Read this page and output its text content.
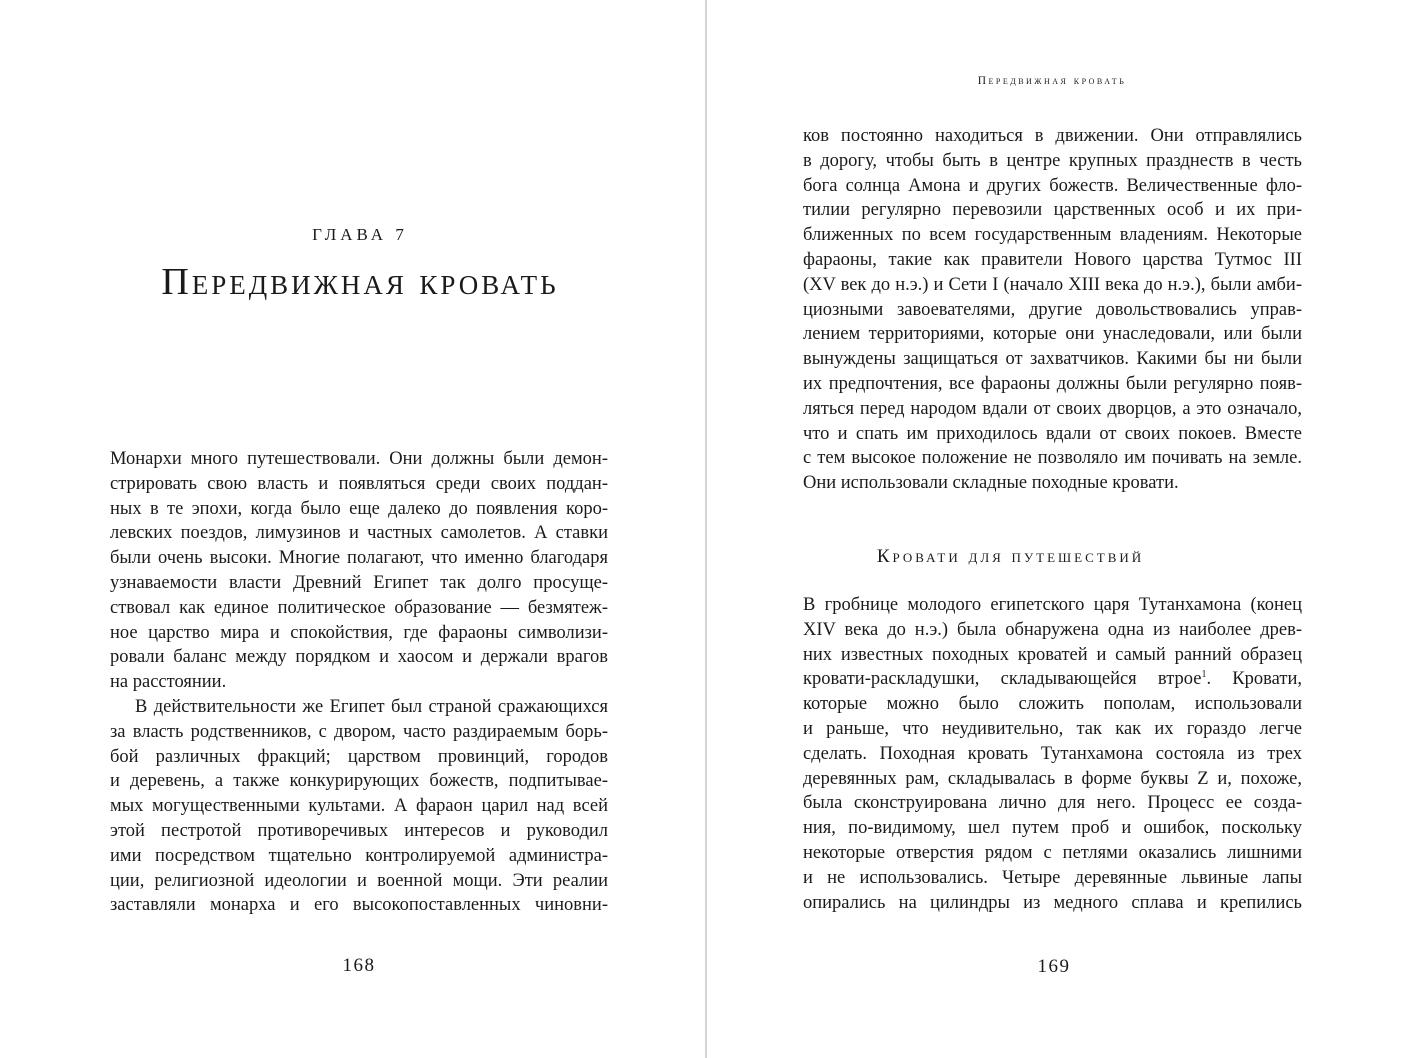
ГЛАВА 7
Передвижная кровать
Монархи много путешествовали. Они должны были демон-
стрировать свою власть и появляться среди своих поддан-
ных в те эпохи, когда было еще далеко до появления коро-
левских поездов, лимузинов и частных самолетов. А ставки
были очень высоки. Многие полагают, что именно благодаря
узнаваемости власти Древний Египет так долго просуще-
ствовал как единое политическое образование — безмятеж-
ное царство мира и спокойствия, где фараоны символизи-
ровали баланс между порядком и хаосом и держали врагов
на расстоянии.
В действительности же Египет был страной сражающихся
за власть родственников, с двором, часто раздираемым борь-
бой различных фракций; царством провинций, городов
и деревень, а также конкурирующих божеств, подпитывае-
мых могущественными культами. А фараон царил над всей
этой пестротой противоречивых интересов и руководил
ими посредством тщательно контролируемой администра-
ции, религиозной идеологии и военной мощи. Эти реалии
заставляли монарха и его высокопоставленных чиновни-
168
Передвижная кровать
ков постоянно находиться в движении. Они отправлялись
в дорогу, чтобы быть в центре крупных празднеств в честь
бога солнца Амона и других божеств. Величественные фло-
тилии регулярно перевозили царственных особ и их при-
ближенных по всем государственным владениям. Некоторые
фараоны, такие как правители Нового царства Тутмос III
(XV век до н.э.) и Сети I (начало XIII века до н.э.), были амби-
циозными завоевателями, другие довольствовались управ-
лением территориями, которые они унаследовали, или были
вынуждены защищаться от захватчиков. Какими бы ни были
их предпочтения, все фараоны должны были регулярно появ-
ляться перед народом вдали от своих дворцов, а это означало,
что и спать им приходилось вдали от своих покоев. Вместе
с тем высокое положение не позволяло им почивать на земле.
Они использовали складные походные кровати.
Кровати для путешествий
В гробнице молодого египетского царя Тутанхамона (конец
XIV века до н.э.) была обнаружена одна из наиболее древ-
них известных походных кроватей и самый ранний образец
кровати-раскладушки, складывающейся втрое$^1$. Кровати,
которые можно было сложить пополам, использовали
и раньше, что неудивительно, так как их гораздо легче
сделать. Походная кровать Тутанхамона состояла из трех
деревянных рам, складывалась в форме буквы Z и, похоже,
была сконструирована лично для него. Процесс ее созда-
ния, по-видимому, шел путем проб и ошибок, поскольку
некоторые отверстия рядом с петлями оказались лишними
и не использовались. Четыре деревянные львиные лапы
опирались на цилиндры из медного сплава и крепились
169
